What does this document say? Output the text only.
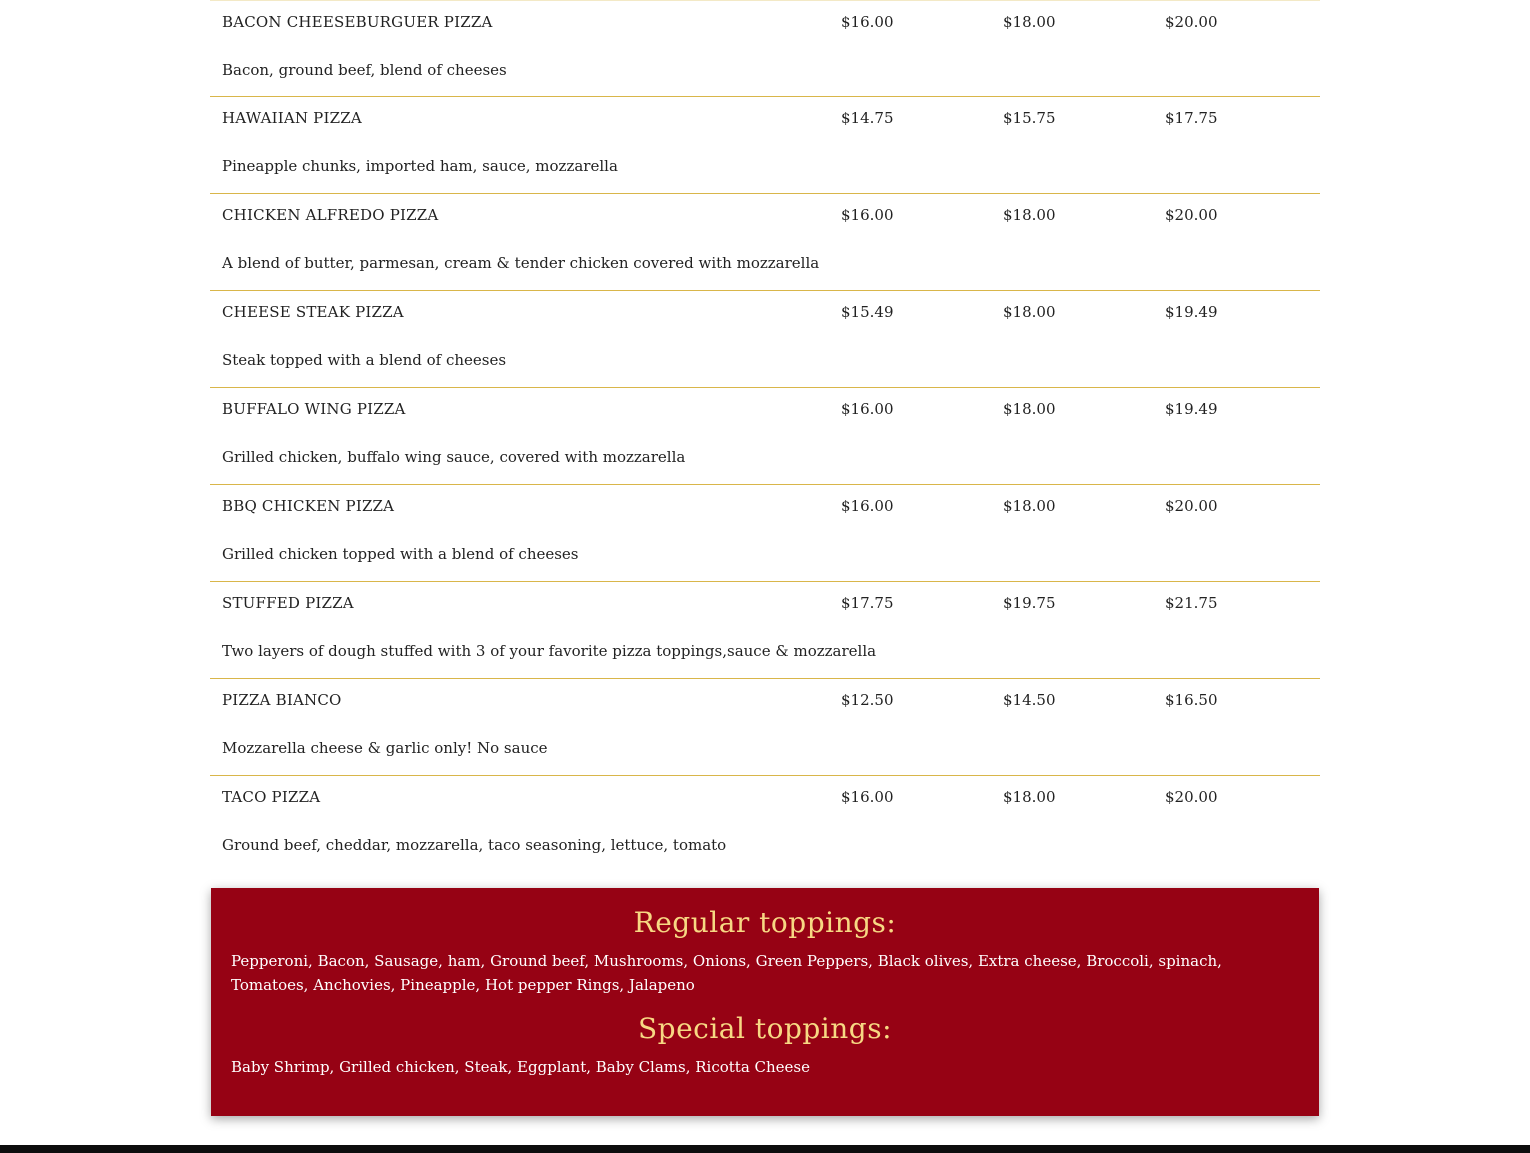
BACON CHEESEBURGUER PIZZA	$16.00	$18.00	$20.00
Bacon, ground beef, blend of cheeses
HAWAIIAN PIZZA	$14.75	$15.75	$17.75
Pineapple chunks, imported ham, sauce, mozzarella
CHICKEN ALFREDO PIZZA	$16.00	$18.00	$20.00
A blend of butter, parmesan, cream & tender chicken covered with mozzarella
CHEESE STEAK PIZZA	$15.49	$18.00	$19.49
Steak topped with a blend of cheeses
BUFFALO WING PIZZA	$16.00	$18.00	$19.49
Grilled chicken, buffalo wing sauce, covered with mozzarella
BBQ CHICKEN PIZZA	$16.00	$18.00	$20.00
Grilled chicken topped with a blend of cheeses
STUFFED PIZZA	$17.75	$19.75	$21.75
Two layers of dough stuffed with 3 of your favorite pizza toppings,sauce & mozzarella
PIZZA BIANCO	$12.50	$14.50	$16.50
Mozzarella cheese & garlic only! No sauce
TACO PIZZA	$16.00	$18.00	$20.00
Ground beef, cheddar, mozzarella, taco seasoning, lettuce, tomato
Regular toppings:
Pepperoni, Bacon, Sausage, ham, Ground beef, Mushrooms, Onions, Green Peppers, Black olives, Extra cheese, Broccoli, spinach, Tomatoes, Anchovies, Pineapple, Hot pepper Rings, Jalapeno
Special toppings:
Baby Shrimp, Grilled chicken, Steak, Eggplant, Baby Clams, Ricotta Cheese
